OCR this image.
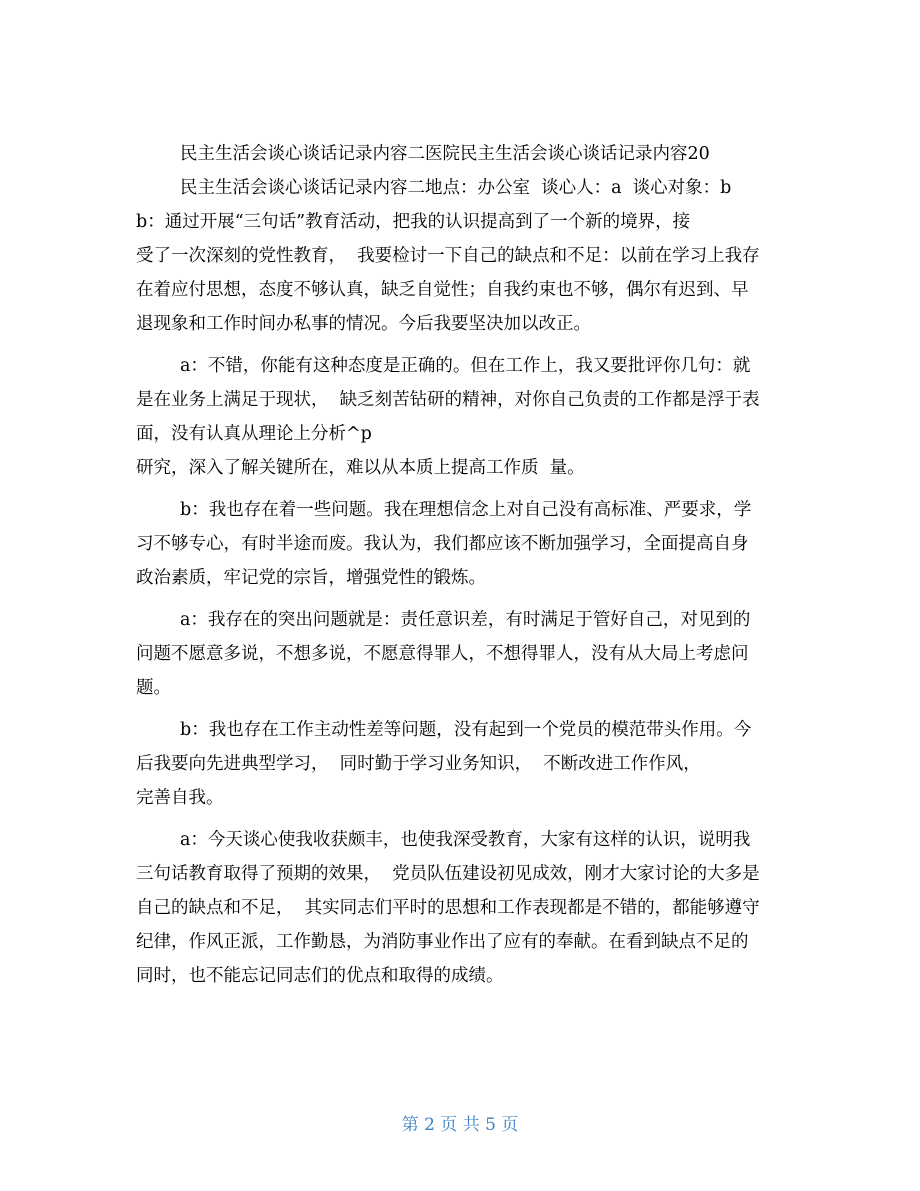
民主生活会谈心谈话记录内容二医院民主生活会谈心谈话记录内容20
民主生活会谈心谈话记录内容二地点：办公室  谈心人：a  谈心对象：b
b：通过开展“三句话”教育活动，把我的认识提高到了一个新的境界，接
受了一次深刻的党性教育，  我要检讨一下自己的缺点和不足：以前在学习上我存
在着应付思想，态度不够认真，缺乏自觉性；自我约束也不够，偶尔有迟到、早
退现象和工作时间办私事的情况。今后我要坚决加以改正。
a：不错，你能有这种态度是正确的。但在工作上，我又要批评你几句：就
是在业务上满足于现状，  缺乏刻苦钻研的精神，对你自己负责的工作都是浮于表
面，没有认真从理论上分析^p
研究，深入了解关键所在，难以从本质上提高工作质  量。
b：我也存在着一些问题。我在理想信念上对自己没有高标准、严要求，学
习不够专心，有时半途而废。我认为，我们都应该不断加强学习，全面提高自身
政治素质，牢记党的宗旨，增强党性的锻炼。
a：我存在的突出问题就是：责任意识差，有时满足于管好自己，对见到的
问题不愿意多说，不想多说，不愿意得罪人，不想得罪人，没有从大局上考虑问
题。
b：我也存在工作主动性差等问题，没有起到一个党员的模范带头作用。今
后我要向先进典型学习，  同时勤于学习业务知识，  不断改进工作作风，
完善自我。
a：今天谈心使我收获颇丰，也使我深受教育，大家有这样的认识，说明我
三句话教育取得了预期的效果，  党员队伍建设初见成效，刚才大家讨论的大多是
自己的缺点和不足，  其实同志们平时的思想和工作表现都是不错的，都能够遵守
纪律，作风正派，工作勤恳，为消防事业作出了应有的奉献。在看到缺点不足的
同时，也不能忘记同志们的优点和取得的成绩。
第 2 页 共 5 页
